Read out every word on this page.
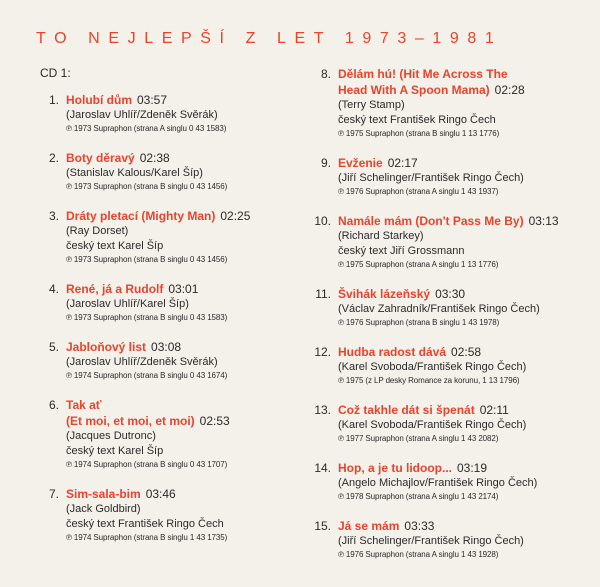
TO NEJLEPŠÍ Z LET 1973–1981
CD 1:
1. Holubí dům 03:57
(Jaroslav Uhlíř/Zdeněk Svěrák)
℗ 1973 Supraphon (strana A singlu 0 43 1583)
2. Boty děravý 02:38
(Stanislav Kalous/Karel Šíp)
℗ 1973 Supraphon (strana B singlu 0 43 1456)
3. Dráty pletací (Mighty Man) 02:25
(Ray Dorset)
český text Karel Šíp
℗ 1973 Supraphon (strana B singlu 0 43 1456)
4. René, já a Rudolf 03:01
(Jaroslav Uhlíř/Karel Šíp)
℗ 1973 Supraphon (strana B singlu 0 43 1583)
5. Jabloňový list 03:08
(Jaroslav Uhlíř/Zdeněk Svěrák)
℗ 1974 Supraphon (strana B singlu 0 43 1674)
6. Tak ať
(Et moi, et moi, et moi) 02:53
(Jacques Dutronc)
český text Karel Šíp
℗ 1974 Supraphon (strana B singlu 0 43 1707)
7. Sim-sala-bim 03:46
(Jack Goldbird)
český text František Ringo Čech
℗ 1974 Supraphon (strana B singlu 1 43 1735)
8. Dělám hú! (Hit Me Across The
Head With A Spoon Mama) 02:28
(Terry Stamp)
český text František Ringo Čech
℗ 1975 Supraphon (strana B singlu 1 13 1776)
9. Evženie 02:17
(Jiří Schelinger/František Ringo Čech)
℗ 1976 Supraphon (strana A singlu 1 43 1937)
10. Namále mám (Don't Pass Me By) 03:13
(Richard Starkey)
český text Jiří Grossmann
℗ 1975 Supraphon (strana A singlu 1 13 1776)
11. Švihák lázeňský 03:30
(Václav Zahradník/František Ringo Čech)
℗ 1976 Supraphon (strana B singlu 1 43 1978)
12. Hudba radost dává 02:58
(Karel Svoboda/František Ringo Čech)
℗ 1975 (z LP desky Romance za korunu, 1 13 1796)
13. Což takhle dát si špenát 02:11
(Karel Svoboda/František Ringo Čech)
℗ 1977 Supraphon (strana A singlu 1 43 2082)
14. Hop, a je tu lidoop... 03:19
(Angelo Michajlov/František Ringo Čech)
℗ 1978 Supraphon (strana A singlu 1 43 2174)
15. Já se mám 03:33
(Jiří Schelinger/František Ringo Čech)
℗ 1976 Supraphon (strana A singlu 1 43 1928)
